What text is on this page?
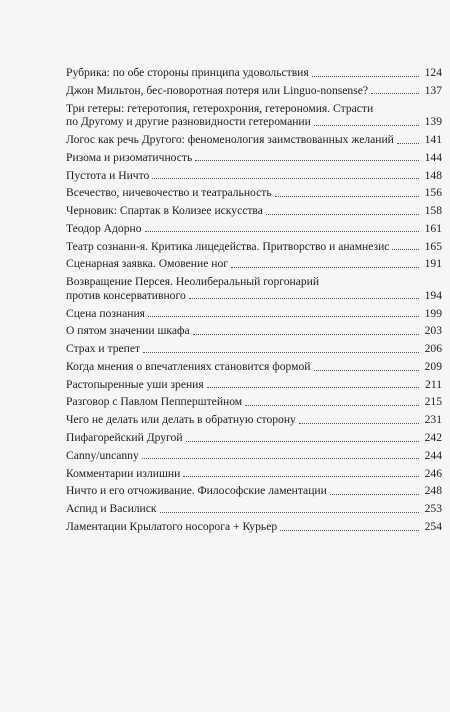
Рубрика: по обе стороны принципа удовольствия	124
Джон Мильтон, бес-поворотная потеря или Linguo-nonsense?	137
Три гетеры: гетеротопия, гетерохрония, гетерономия. Страсти
по Другому и другие разновидности гетеромании	139
Логос как речь Другого: феноменология заимствованных желаний	141
Ризома и ризоматичность	144
Пустота и Ничто	148
Всечество, ничевочество и театральность	156
Черновик: Спартак в Колизее искусства	158
Теодор Адорно	161
Театр сознани-я. Критика лицедейства. Притворство и анамнезис	165
Сценарная заявка. Омовение ног	191
Возвращение Персея. Неолиберальный горгонарий
против консервативного	194
Сцена познания	199
О пятом значении шкафа	203
Страх и трепет	206
Когда мнения о впечатлениях становится формой	209
Растопыренные уши зрения	211
Разговор с Павлом Пепперштейном	215
Чего не делать или делать в обратную сторону	231
Пифагорейский Другой	242
Canny/uncanny	244
Комментарии излишни	246
Ничто и его отчоживание. Философские ламентации	248
Аспид и Василиск	253
Ламентации Крылатого носорога + Курьер	254
